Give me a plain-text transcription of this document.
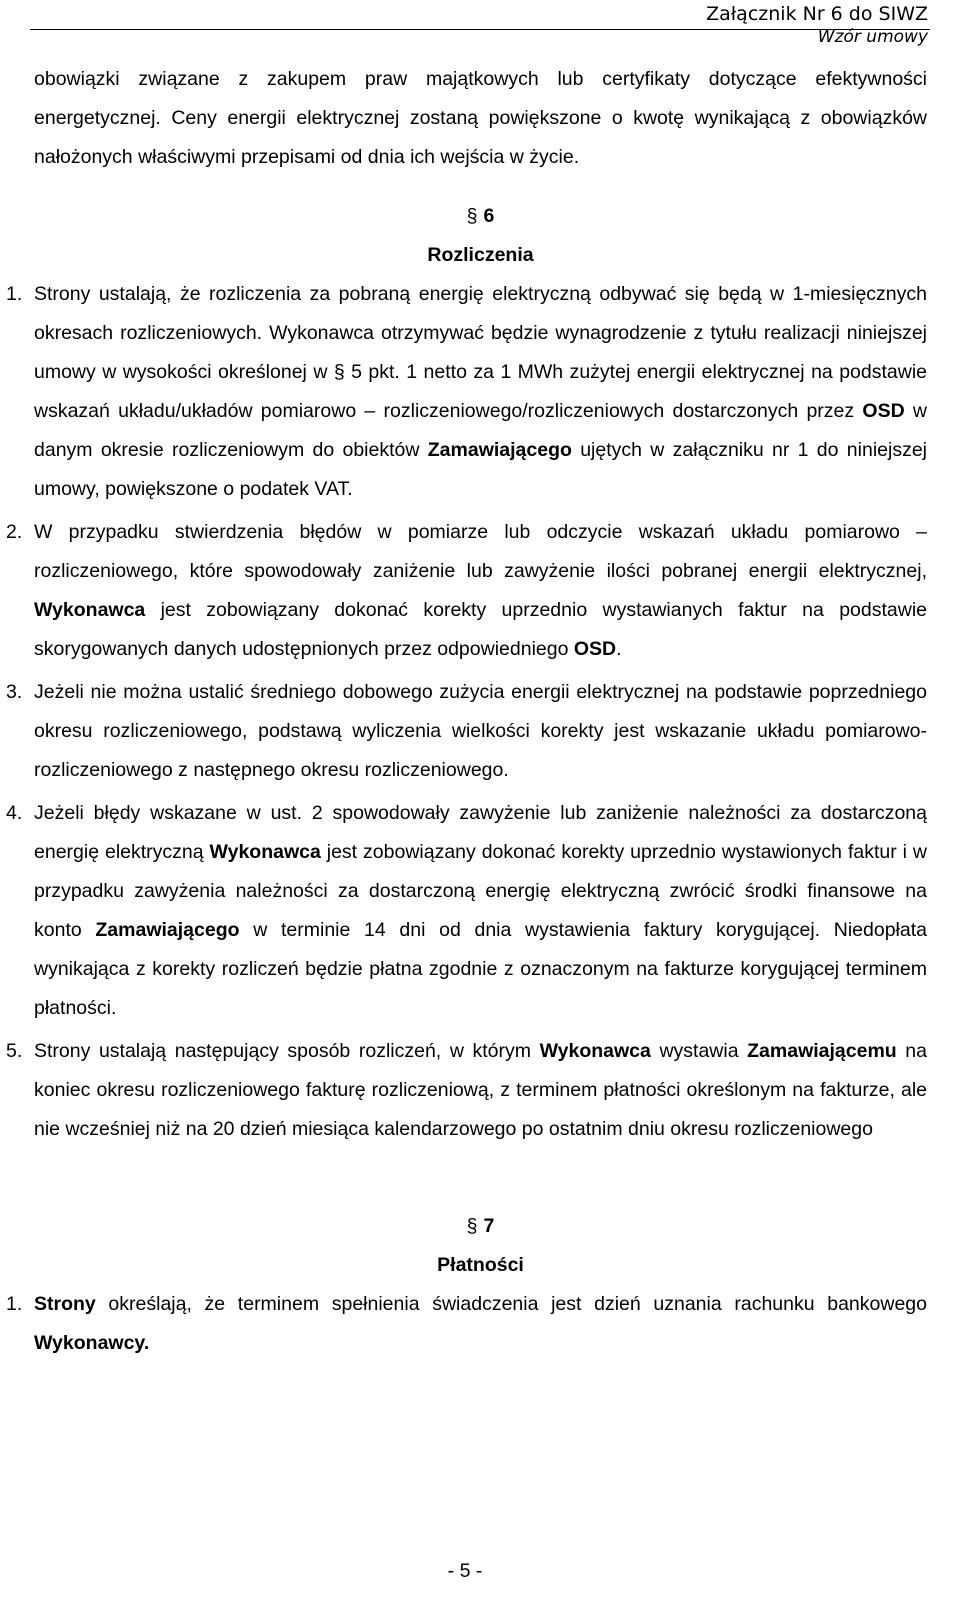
Załącznik Nr 6 do SIWZ
Wzór umowy

obowiązki związane z zakupem praw majątkowych lub certyfikaty dotyczące efektywności energetycznej. Ceny energii elektrycznej zostaną powiększone o kwotę wynikającą z obowiązków nałożonych właściwymi przepisami od dnia ich wejścia w życie.

§ 6

Rozliczenia

1. Strony ustalają, że rozliczenia za pobraną energię elektryczną odbywać się będą w 1-miesięcznych okresach rozliczeniowych. Wykonawca otrzymywać będzie wynagrodzenie z tytułu realizacji niniejszej umowy w wysokości określonej w § 5 pkt. 1 netto za 1 MWh zużytej energii elektrycznej na podstawie wskazań układu/układów pomiarowo – rozliczeniowego/rozliczeniowych dostarczonych przez OSD w danym okresie rozliczeniowym do obiektów Zamawiającego ujętych w załączniku nr 1 do niniejszej umowy, powiększone o podatek VAT.
2. W przypadku stwierdzenia błędów w pomiarze lub odczycie wskazań układu pomiarowo – rozliczeniowego, które spowodowały zaniżenie lub zawyżenie ilości pobranej energii elektrycznej, Wykonawca jest zobowiązany dokonać korekty uprzednio wystawianych faktur na podstawie skorygowanych danych udostępnionych przez odpowiedniego OSD.
3. Jeżeli nie można ustalić średniego dobowego zużycia energii elektrycznej na podstawie poprzedniego okresu rozliczeniowego, podstawą wyliczenia wielkości korekty jest wskazanie układu pomiarowo-rozliczeniowego z następnego okresu rozliczeniowego.
4. Jeżeli błędy wskazane w ust. 2 spowodowały zawyżenie lub zaniżenie należności za dostarczoną energię elektryczną Wykonawca jest zobowiązany dokonać korekty uprzednio wystawionych faktur i w przypadku zawyżenia należności za dostarczoną energię elektryczną zwrócić środki finansowe na konto Zamawiającego w terminie 14 dni od dnia wystawienia faktury korygującej. Niedopłata wynikająca z korekty rozliczeń będzie płatna zgodnie z oznaczonym na fakturze korygującej terminem płatności.
5. Strony ustalają następujący sposób rozliczeń, w którym Wykonawca wystawia Zamawiającemu na koniec okresu rozliczeniowego fakturę rozliczeniową, z terminem płatności określonym na fakturze, ale nie wcześniej niż na 20 dzień miesiąca kalendarzowego po ostatnim dniu okresu rozliczeniowego

§ 7

Płatności

1. Strony określają, że terminem spełnienia świadczenia jest dzień uznania rachunku bankowego Wykonawcy.
- 5 -
